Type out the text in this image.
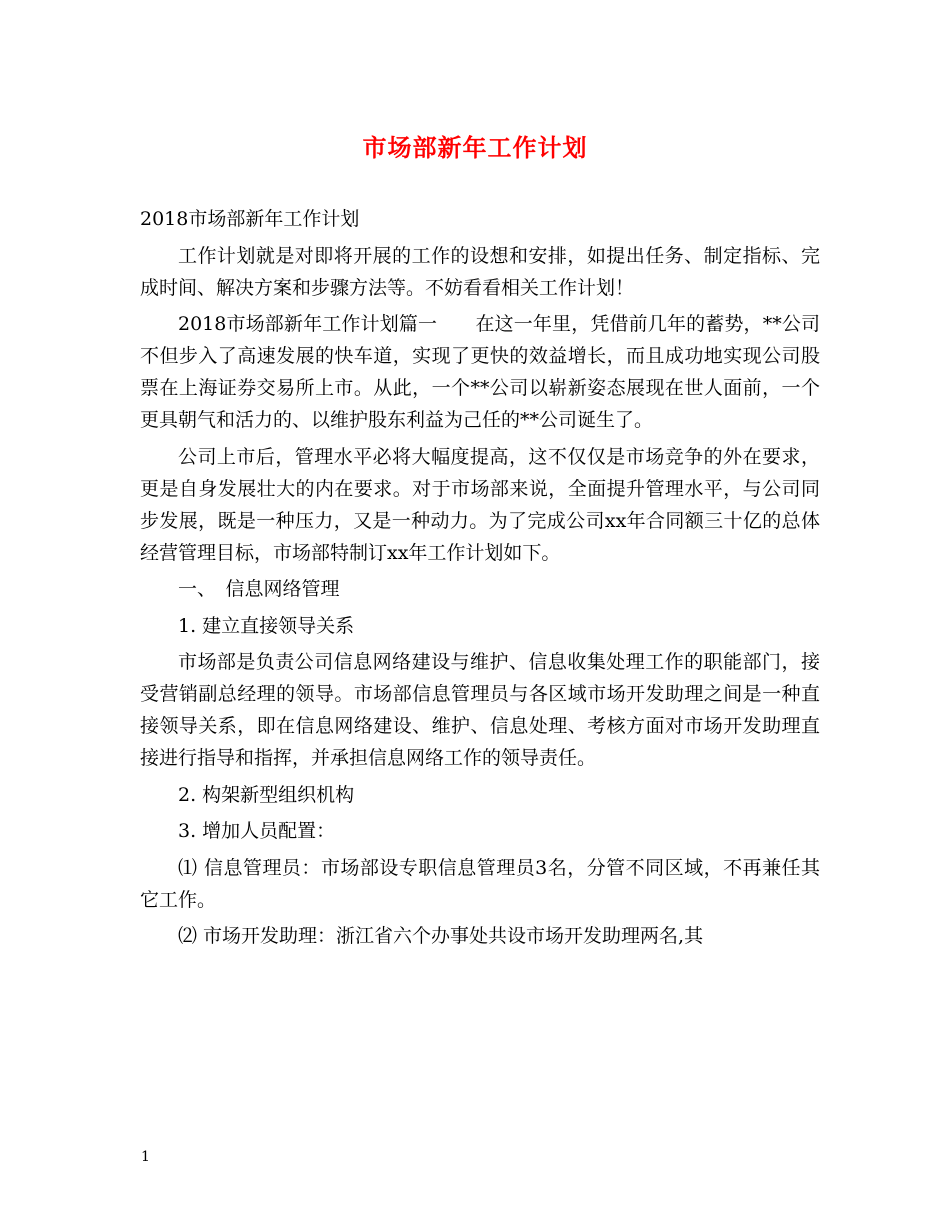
市场部新年工作计划

2018市场部新年工作计划

工作计划就是对即将开展的工作的设想和安排，如提出任务、制定指标、完成时间、解决方案和步骤方法等。不妨看看相关工作计划！

2018市场部新年工作计划篇一　　在这一年里，凭借前几年的蓄势，**公司不但步入了高速发展的快车道，实现了更快的效益增长，而且成功地实现公司股票在上海证券交易所上市。从此，一个**公司以崭新姿态展现在世人面前，一个更具朝气和活力的、以维护股东利益为己任的**公司诞生了。

公司上市后，管理水平必将大幅度提高，这不仅仅是市场竞争的外在要求，更是自身发展壮大的内在要求。对于市场部来说，全面提升管理水平，与公司同步发展，既是一种压力，又是一种动力。为了完成公司xx年合同额三十亿的总体经营管理目标，市场部特制订xx年工作计划如下。

一、　信息网络管理

1. 建立直接领导关系

市场部是负责公司信息网络建设与维护、信息收集处理工作的职能部门，接受营销副总经理的领导。市场部信息管理员与各区域市场开发助理之间是一种直接领导关系，即在信息网络建设、维护、信息处理、考核方面对市场开发助理直接进行指导和指挥，并承担信息网络工作的领导责任。

2. 构架新型组织机构

3. 增加人员配置：

⑴ 信息管理员：市场部设专职信息管理员3名，分管不同区域，不再兼任其它工作。

⑵ 市场开发助理：浙江省六个办事处共设市场开发助理两名,其

1
